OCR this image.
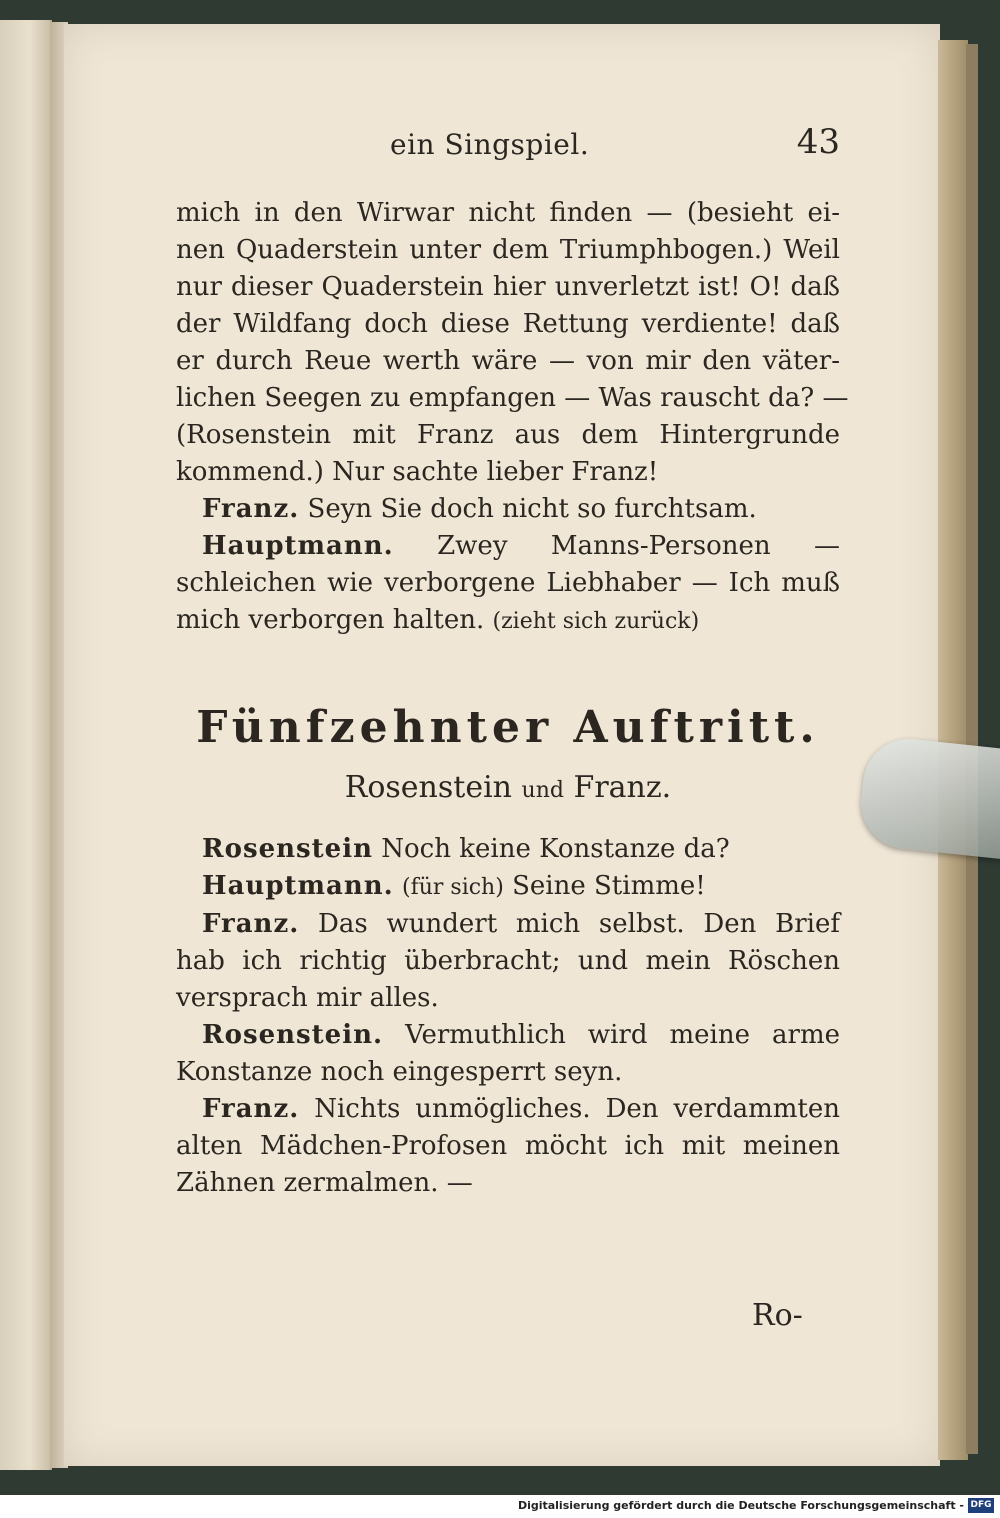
ein Singspiel.	43
mich in den Wirwar nicht finden — (besieht ei-
nen Quaderstein unter dem Triumphbogen.) Weil
nur dieser Quaderstein hier unverletzt ist! O! daß
der Wildfang doch diese Rettung verdiente! daß
er durch Reue werth wäre — von mir den väter-
lichen Seegen zu empfangen — Was rauscht da? —
(Rosenstein mit Franz aus dem Hintergrunde
kommend.) Nur sachte lieber Franz!
Franz. Seyn Sie doch nicht so furchtsam.
Hauptmann. Zwey Manns-Personen —
schleichen wie verborgene Liebhaber — Ich muß
mich verborgen halten. (zieht sich zurück)
Fünfzehnter Auftritt.
Rosenstein und Franz.
Rosenstein Noch keine Konstanze da?
Hauptmann. (für sich) Seine Stimme!
Franz. Das wundert mich selbst. Den Brief
hab ich richtig überbracht; und mein Röschen
versprach mir alles.
Rosenstein. Vermuthlich wird meine arme
Konstanze noch eingesperrt seyn.
Franz. Nichts unmögliches. Den verdammten
alten Mädchen-Profosen möcht ich mit meinen
Zähnen zermalmen. —
Ro-
Digitalisierung gefördert durch die Deutsche Forschungsgemeinschaft - DFG
